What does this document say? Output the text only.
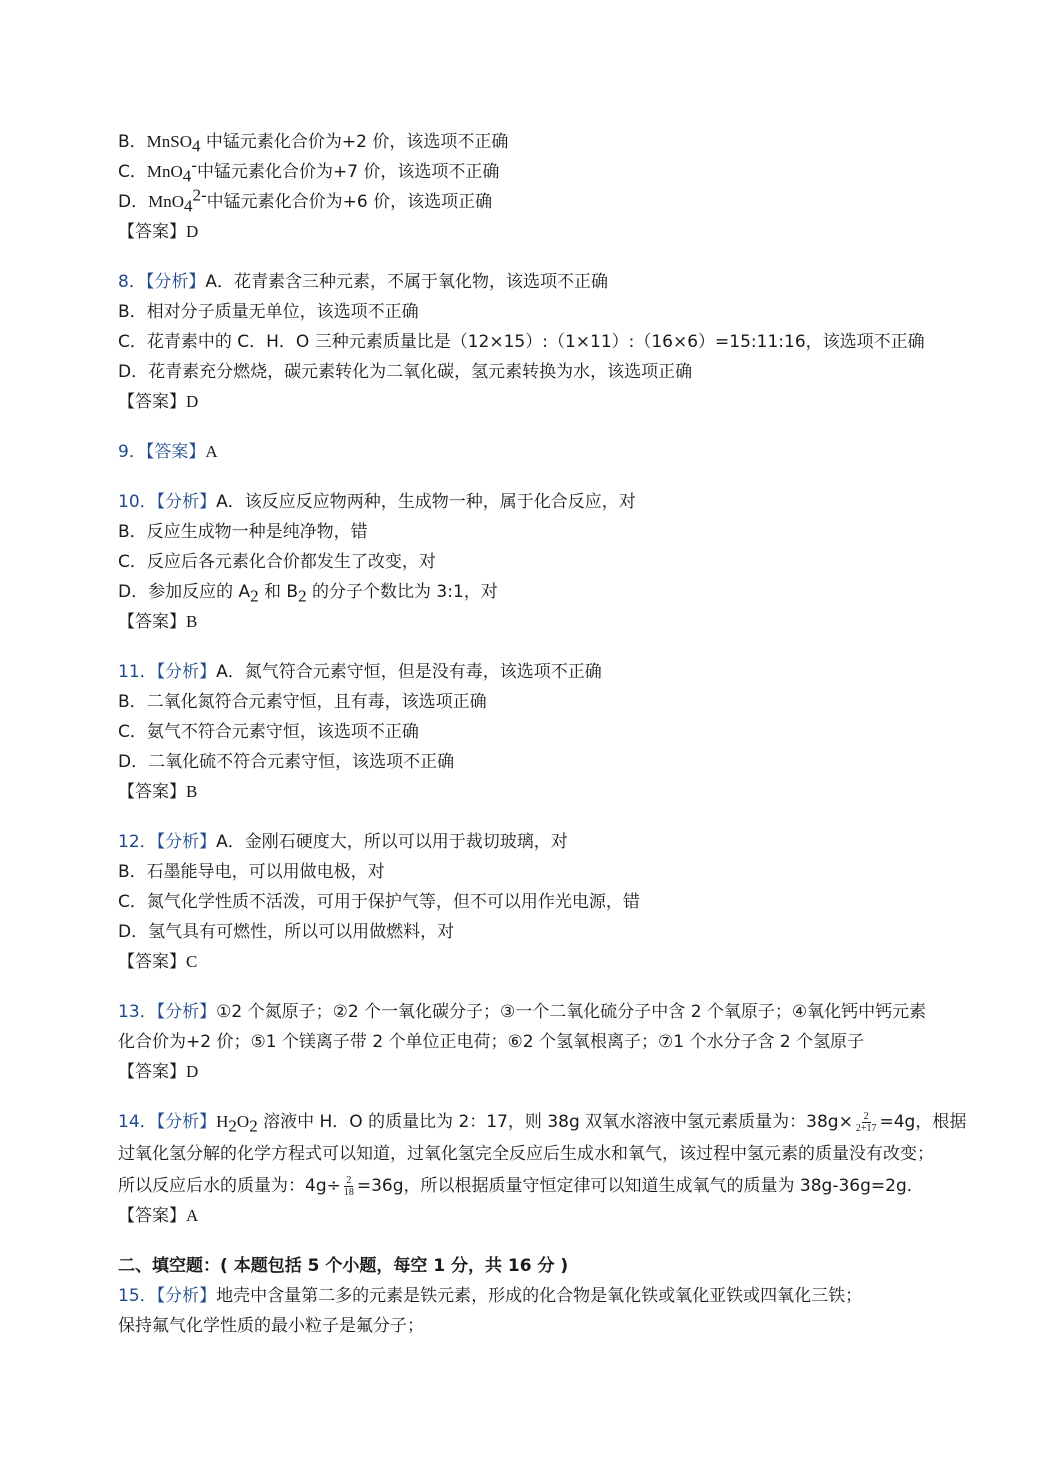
B．MnSO$_4$ 中锰元素化合价为+2 价，该选项不正确
C．MnO$_4$-中锰元素化合价为+7 价，该选项不正确
D．MnO$_4^{2-}$中锰元素化合价为+6 价，该选项正确
【答案】D
8．【分析】A．花青素含三种元素，不属于氧化物，该选项不正确
B．相对分子质量无单位，该选项不正确
C．花青素中的 C．H．O 三种元素质量比是（12×15）:（1×11）:（16×6）=15:11:16，该选项不正确
D．花青素充分燃烧，碳元素转化为二氧化碳，氢元素转换为水，该选项正确
【答案】D
9．【答案】A
10．【分析】A．该反应反应物两种，生成物一种，属于化合反应，对
B．反应生成物一种是纯净物，错
C．反应后各元素化合价都发生了改变，对
D．参加反应的 $A_2$ 和 $B_2$ 的分子个数比为 3:1，对
【答案】B
11．【分析】A．氮气符合元素守恒，但是没有毒，该选项不正确
B．二氧化氮符合元素守恒，且有毒，该选项正确
C．氨气不符合元素守恒，该选项不正确
D．二氧化硫不符合元素守恒，该选项不正确
【答案】B
12．【分析】A．金刚石硬度大，所以可以用于裁切玻璃，对
B．石墨能导电，可以用做电极，对
C．氮气化学性质不活泼，可用于保护气等，但不可以用作光电源，错
D．氢气具有可燃性，所以可以用做燃料，对
【答案】C
13．【分析】①2 个氮原子；②2 个一氧化碳分子；③一个二氧化硫分子中含 2 个氧原子；④氧化钙中钙元素
化合价为+2 价；⑤1 个镁离子带 2 个单位正电荷；⑥2 个氢氧根离子；⑦1 个水分子含 2 个氢原子
【答案】D
14．【分析】$H_2O_2$ 溶液中 H．O 的质量比为 2：17，则 38g 双氧水溶液中氢元素质量为：$38g\times \frac{2}{2+17} =4g$，根据
过氧化氢分解的化学方程式可以知道，过氧化氢完全反应后生成水和氧气，该过程中氢元素的质量没有改变；
所以反应后水的质量为：$4g\div \frac{2}{18} =36g$，所以根据质量守恒定律可以知道生成氧气的质量为 38g-36g=2g．
【答案】A
二、填空题：( 本题包括 5 个小题，每空 1 分，共 16 分 )
15．【分析】地壳中含量第二多的元素是铁元素，形成的化合物是氧化铁或氧化亚铁或四氧化三铁；
保持氟气化学性质的最小粒子是氟分子；
